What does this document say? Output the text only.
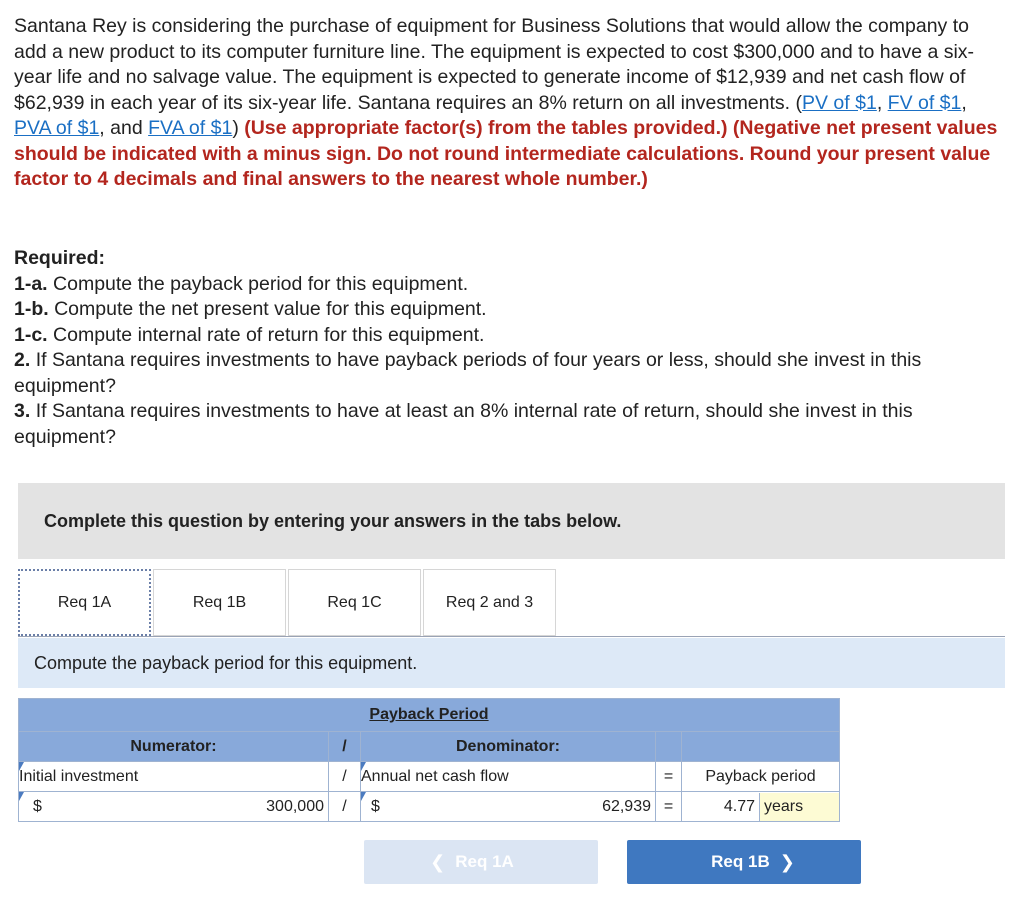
Santana Rey is considering the purchase of equipment for Business Solutions that would allow the company to add a new product to its computer furniture line. The equipment is expected to cost $300,000 and to have a six-year life and no salvage value. The equipment is expected to generate income of $12,939 and net cash flow of $62,939 in each year of its six-year life. Santana requires an 8% return on all investments. (PV of $1, FV of $1, PVA of $1, and FVA of $1) (Use appropriate factor(s) from the tables provided.) (Negative net present values should be indicated with a minus sign. Do not round intermediate calculations. Round your present value factor to 4 decimals and final answers to the nearest whole number.)
Required:
1-a. Compute the payback period for this equipment.
1-b. Compute the net present value for this equipment.
1-c. Compute internal rate of return for this equipment.
2. If Santana requires investments to have payback periods of four years or less, should she invest in this equipment?
3. If Santana requires investments to have at least an 8% internal rate of return, should she invest in this equipment?
Complete this question by entering your answers in the tabs below.
Req 1A	Req 1B	Req 1C	Req 2 and 3
Compute the payback period for this equipment.
Payback Period				
Numerator:	/	Denominator:		

Initial investment	/	Annual net cash flow	=	Payback period

$ 300,000	/	$ 62,939	=	4.77 years
❮ Req 1A	Req 1B ❯
